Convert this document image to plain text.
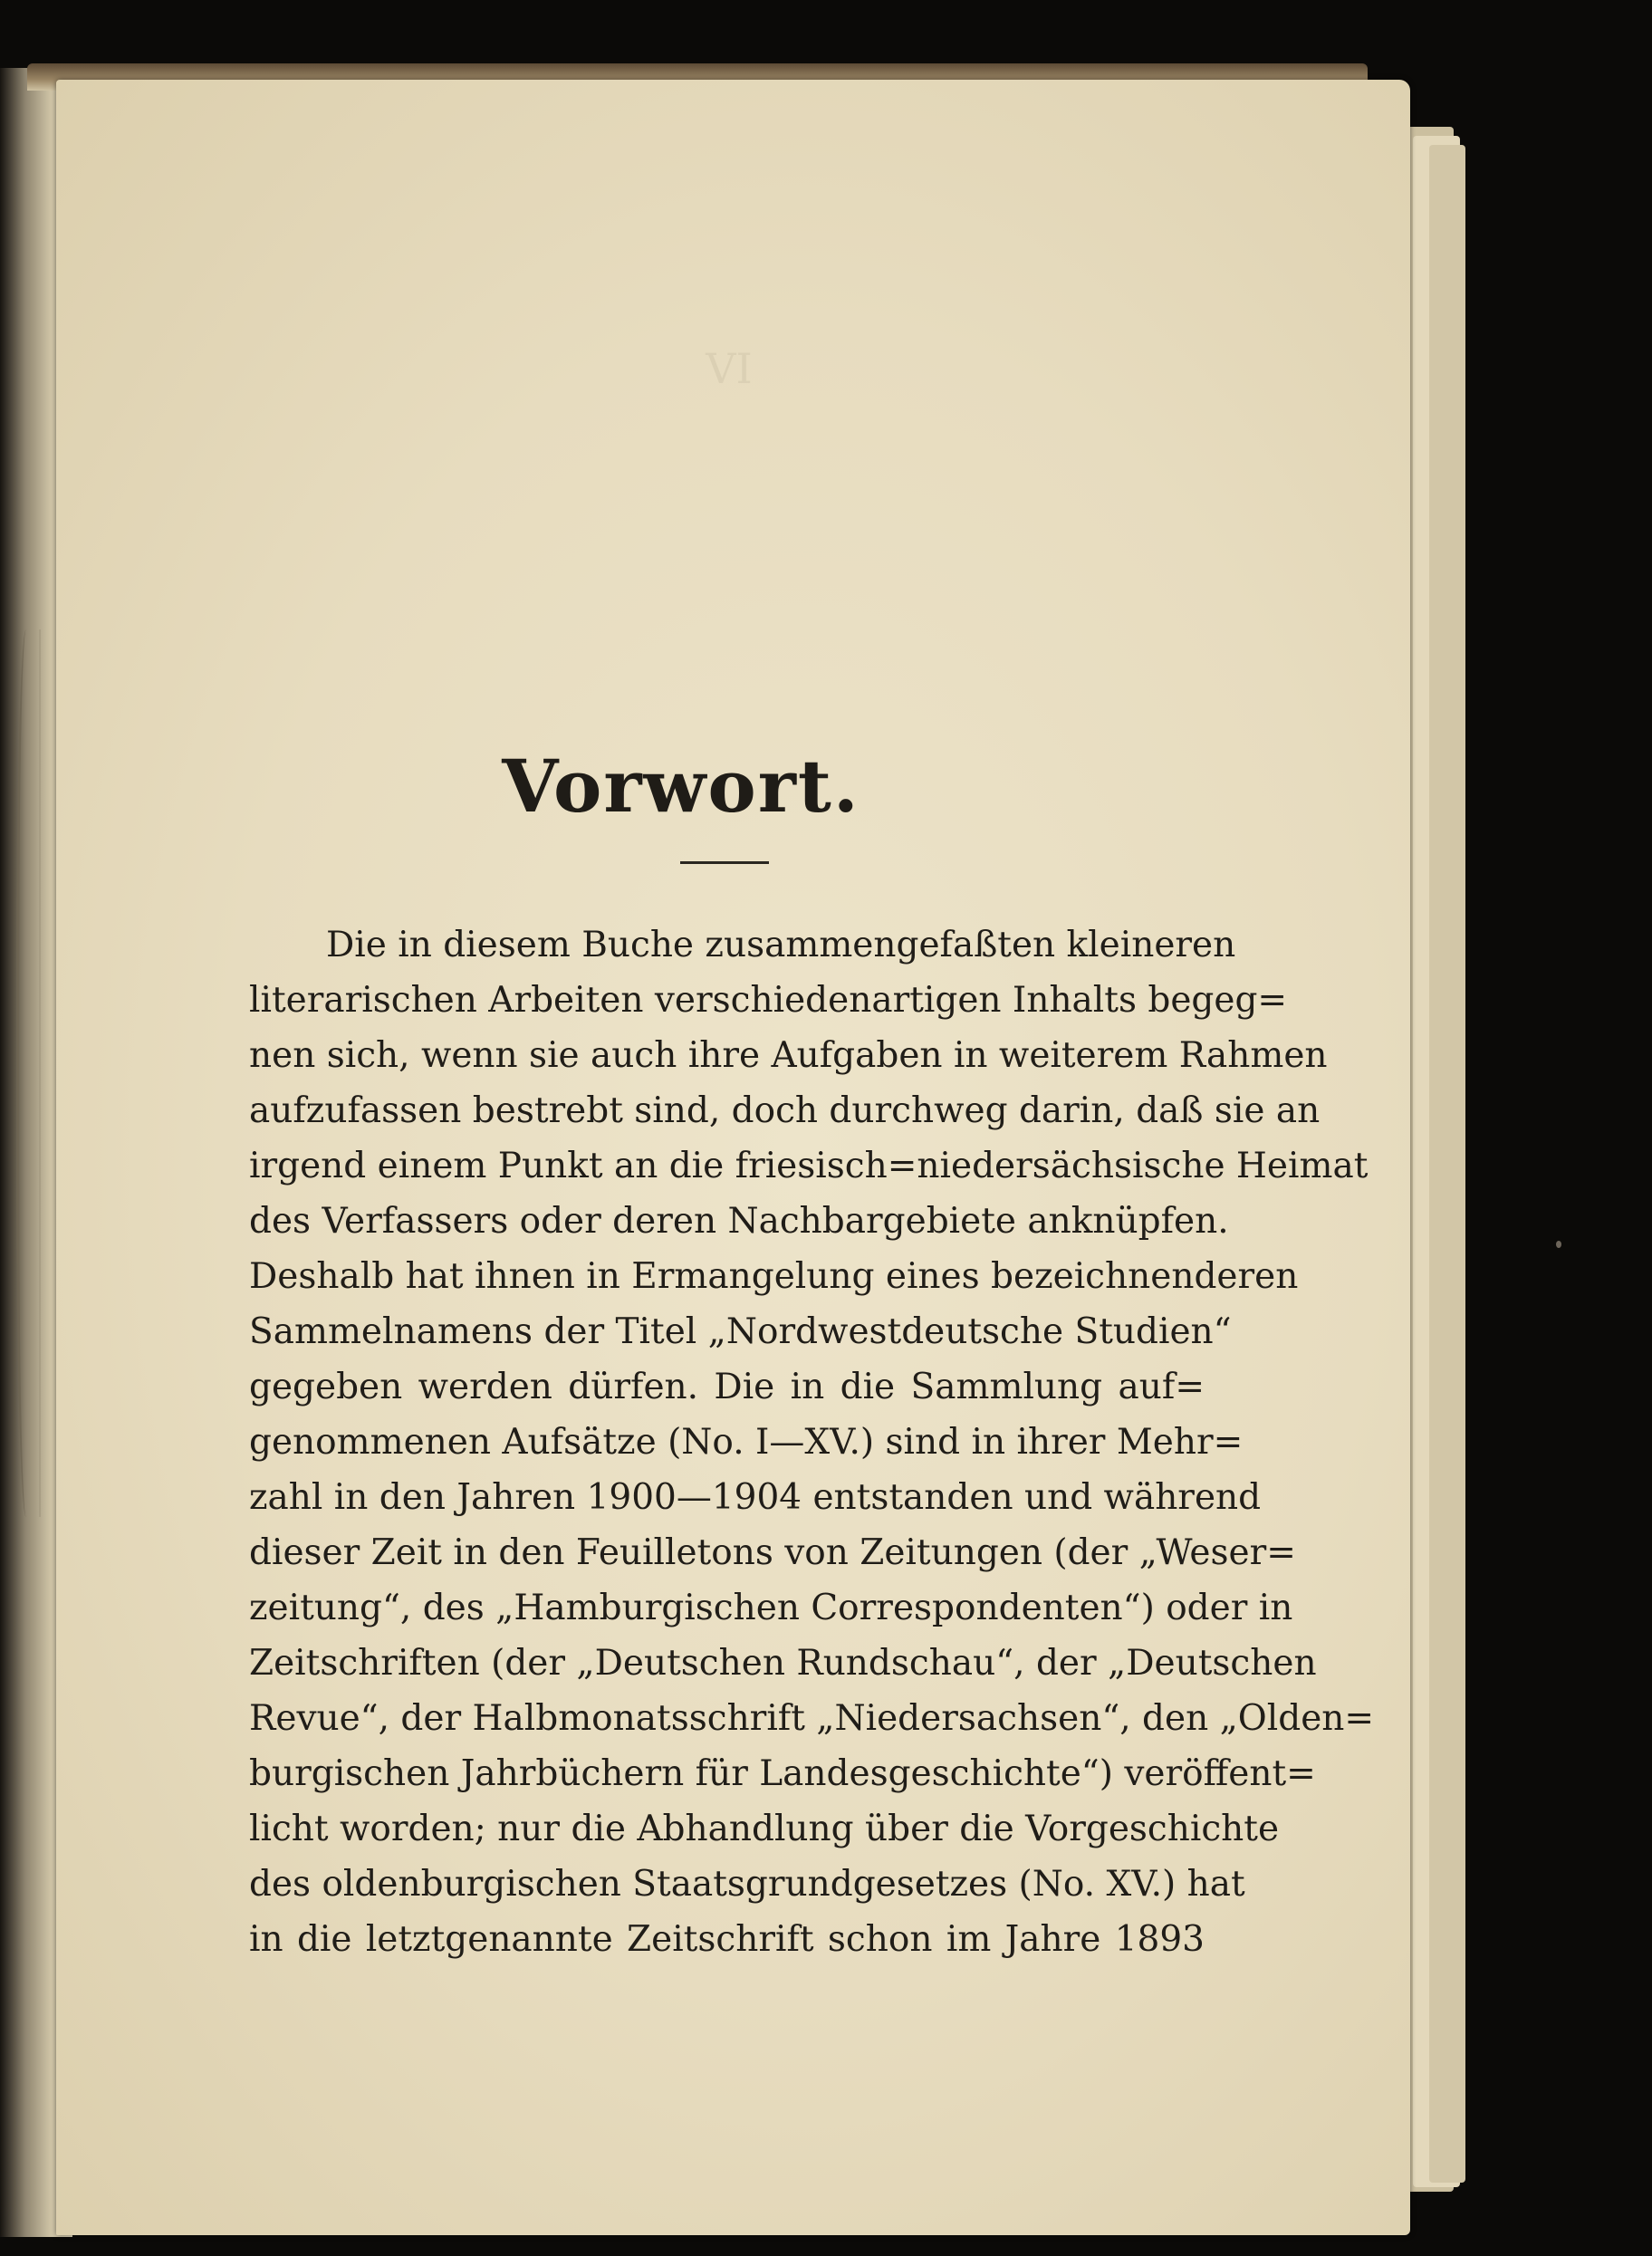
VI
Vorwort.
Die in diesem Buche zusammengefaßten kleineren
literarischen Arbeiten verschiedenartigen Inhalts begeg=
nen sich, wenn sie auch ihre Aufgaben in weiterem Rahmen
aufzufassen bestrebt sind, doch durchweg darin, daß sie an
irgend einem Punkt an die friesisch=niedersächsische Heimat
des Verfassers oder deren Nachbargebiete anknüpfen.
Deshalb hat ihnen in Ermangelung eines bezeichnenderen
Sammelnamens der Titel „Nordwestdeutsche Studien“
gegeben werden dürfen. Die in die Sammlung auf=
genommenen Aufsätze (No. I—XV.) sind in ihrer Mehr=
zahl in den Jahren 1900—1904 entstanden und während
dieser Zeit in den Feuilletons von Zeitungen (der „Weser=
zeitung“, des „Hamburgischen Correspondenten“) oder in
Zeitschriften (der „Deutschen Rundschau“, der „Deutschen
Revue“, der Halbmonatsschrift „Niedersachsen“, den „Olden=
burgischen Jahrbüchern für Landesgeschichte“) veröffent=
licht worden; nur die Abhandlung über die Vorgeschichte
des oldenburgischen Staatsgrundgesetzes (No. XV.) hat
in die letztgenannte Zeitschrift schon im Jahre 1893
